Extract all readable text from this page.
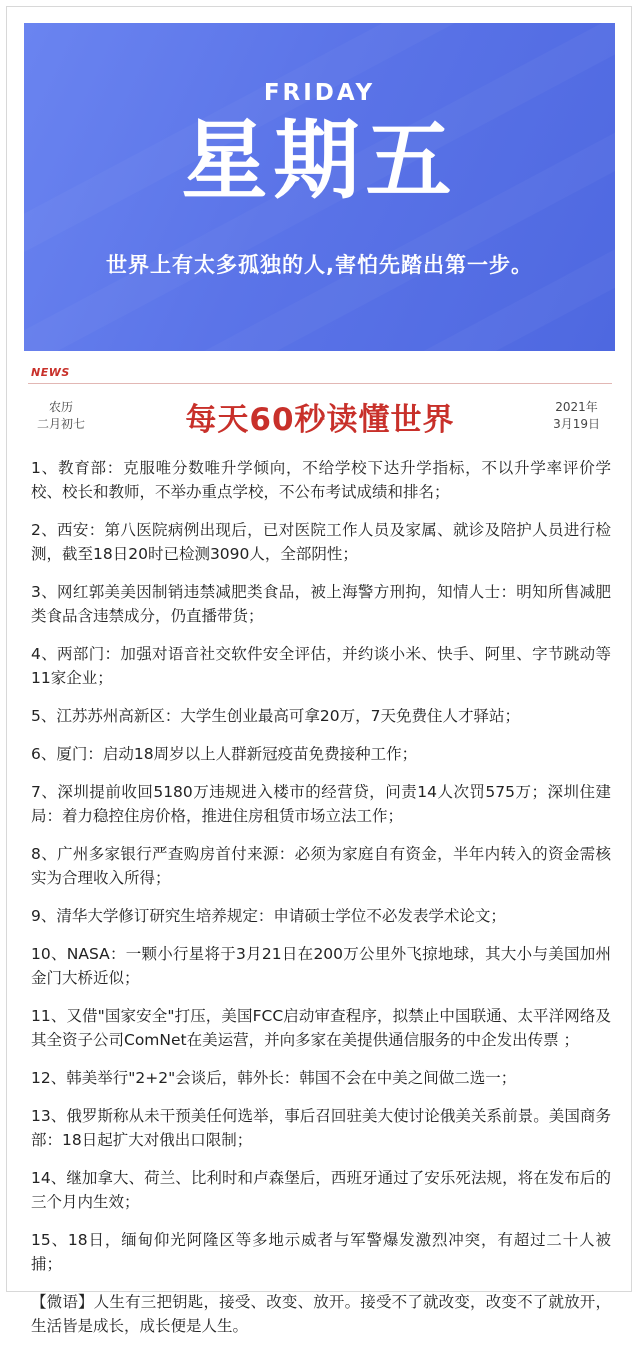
FRIDAY
星期五
世界上有太多孤独的人,害怕先踏出第一步。
NEWS
农历
二月初七	每天60秒读懂世界	2021年
3月19日

1、教育部：克服唯分数唯升学倾向，不给学校下达升学指标，不以升学率评价学校、校长和教师，不举办重点学校，不公布考试成绩和排名；

2、西安：第八医院病例出现后，已对医院工作人员及家属、就诊及陪护人员进行检测，截至18日20时已检测3090人，全部阴性；

3、网红郭美美因制销违禁减肥类食品，被上海警方刑拘，知情人士：明知所售减肥类食品含违禁成分，仍直播带货；

4、两部门：加强对语音社交软件安全评估，并约谈小米、快手、阿里、字节跳动等11家企业；

5、江苏苏州高新区：大学生创业最高可拿20万，7天免费住人才驿站；

6、厦门：启动18周岁以上人群新冠疫苗免费接种工作；

7、深圳提前收回5180万违规进入楼市的经营贷，问责14人次罚575万；深圳住建局：着力稳控住房价格，推进住房租赁市场立法工作；

8、广州多家银行严查购房首付来源：必须为家庭自有资金，半年内转入的资金需核实为合理收入所得；

9、清华大学修订研究生培养规定：申请硕士学位不必发表学术论文；

10、NASA：一颗小行星将于3月21日在200万公里外飞掠地球，其大小与美国加州金门大桥近似；

11、又借"国家安全"打压，美国FCC启动审查程序，拟禁止中国联通、太平洋网络及其全资子公司ComNet在美运营，并向多家在美提供通信服务的中企发出传票 ；

12、韩美举行"2+2"会谈后，韩外长：韩国不会在中美之间做二选一；

13、俄罗斯称从未干预美任何选举，事后召回驻美大使讨论俄美关系前景。美国商务部：18日起扩大对俄出口限制；

14、继加拿大、荷兰、比利时和卢森堡后，西班牙通过了安乐死法规，将在发布后的三个月内生效；

15、18日，缅甸仰光阿隆区等多地示威者与军警爆发激烈冲突，有超过二十人被捕；

【微语】人生有三把钥匙，接受、改变、放开。接受不了就改变，改变不了就放开，生活皆是成长，成长便是人生。
